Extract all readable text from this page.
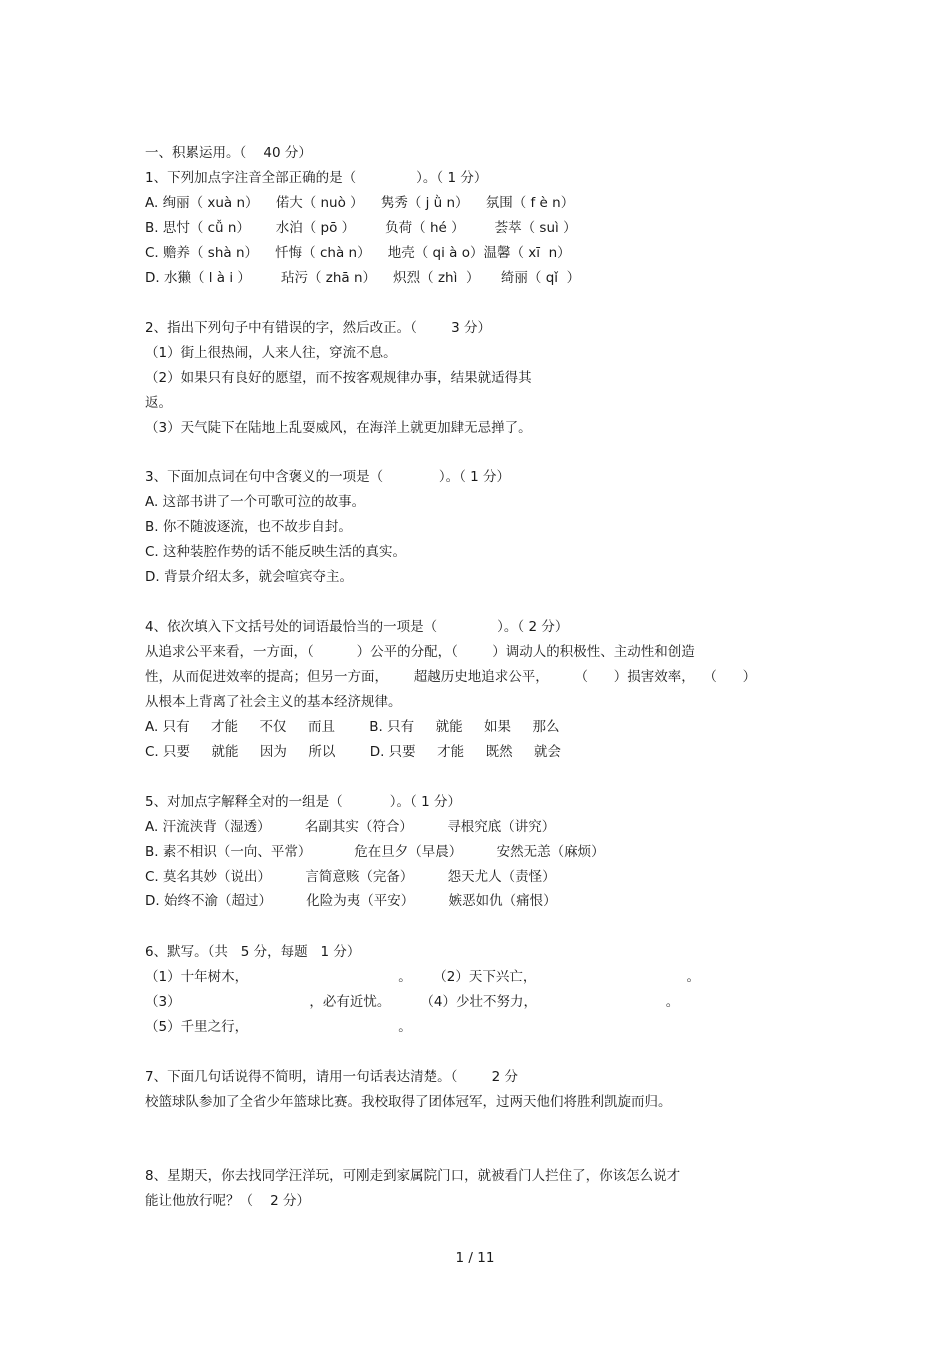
一、积累运用。（    40 分）
1、下列加点字注音全部正确的是（              ）。（ 1 分）
A. 绚丽（ xuà n）    偌大（ nuò ）    隽秀（ j ǜ n）    氛围（ f è n）
B. 思忖（ cǚ n）      水泊（ pō ）       负荷（ hé ）       荟萃（ suì ）
C. 赡养（ shà n）    忏悔（ chà n）    地壳（ qi à o）温馨（ xī  n）
D. 水獭（ l à i ）       玷污（ zhā n）    炽烈（ zhì  ）     绮丽（ qǐ  ）
2、指出下列句子中有错误的字，然后改正。（        3 分）
（1）街上很热闹，人来人往，穿流不息。
（2）如果只有良好的愿望，而不按客观规律办事，结果就适得其
返。
（3）天气陡下在陆地上乱耍威风，在海洋上就更加肆无忌掸了。
3、下面加点词在句中含褒义的一项是（             ）。（ 1 分）
A. 这部书讲了一个可歌可泣的故事。
B. 你不随波逐流，也不故步自封。
C. 这种装腔作势的话不能反映生活的真实。
D. 背景介绍太多，就会喧宾夺主。
4、依次填入下文括号处的词语最恰当的一项是（              ）。（ 2 分）
从追求公平来看，一方面，（          ）公平的分配，（        ）调动人的积极性、主动性和创造
性，从而促进效率的提高；但另一方面，      超越历史地追求公平，      （      ）损害效率，  （      ）
从根本上背离了社会主义的基本经济规律。
A. 只有     才能     不仅     而且        B. 只有     就能     如果     那么
C. 只要     就能     因为     所以        D. 只要     才能     既然     就会
5、对加点字解释全对的一组是（           ）。（ 1 分）
A. 汗流浃背（湿透）        名副其实（符合）        寻根究底（讲究）
B. 素不相识（一向、平常）          危在旦夕（早晨）        安然无恙（麻烦）
C. 莫名其妙（说出）        言简意赅（完备）        怨天尤人（责怪）
D. 始终不渝（超过）        化险为夷（平安）        嫉恶如仇（痛恨）
6、默写。（共   5 分，每题   1 分）
（1）十年树木，                                   。     （2）天下兴亡，                                   。
（3）                              ，必有近忧。       （4）少壮不努力，                              。
（5）千里之行，                                   。
7、下面几句话说得不简明，请用一句话表达清楚。（        2 分
校篮球队参加了全省少年篮球比赛。我校取得了团体冠军，过两天他们将胜利凯旋而归。
8、星期天，你去找同学汪洋玩，可刚走到家属院门口，就被看门人拦住了，你该怎么说才
能让他放行呢？（    2 分）
1 / 11
